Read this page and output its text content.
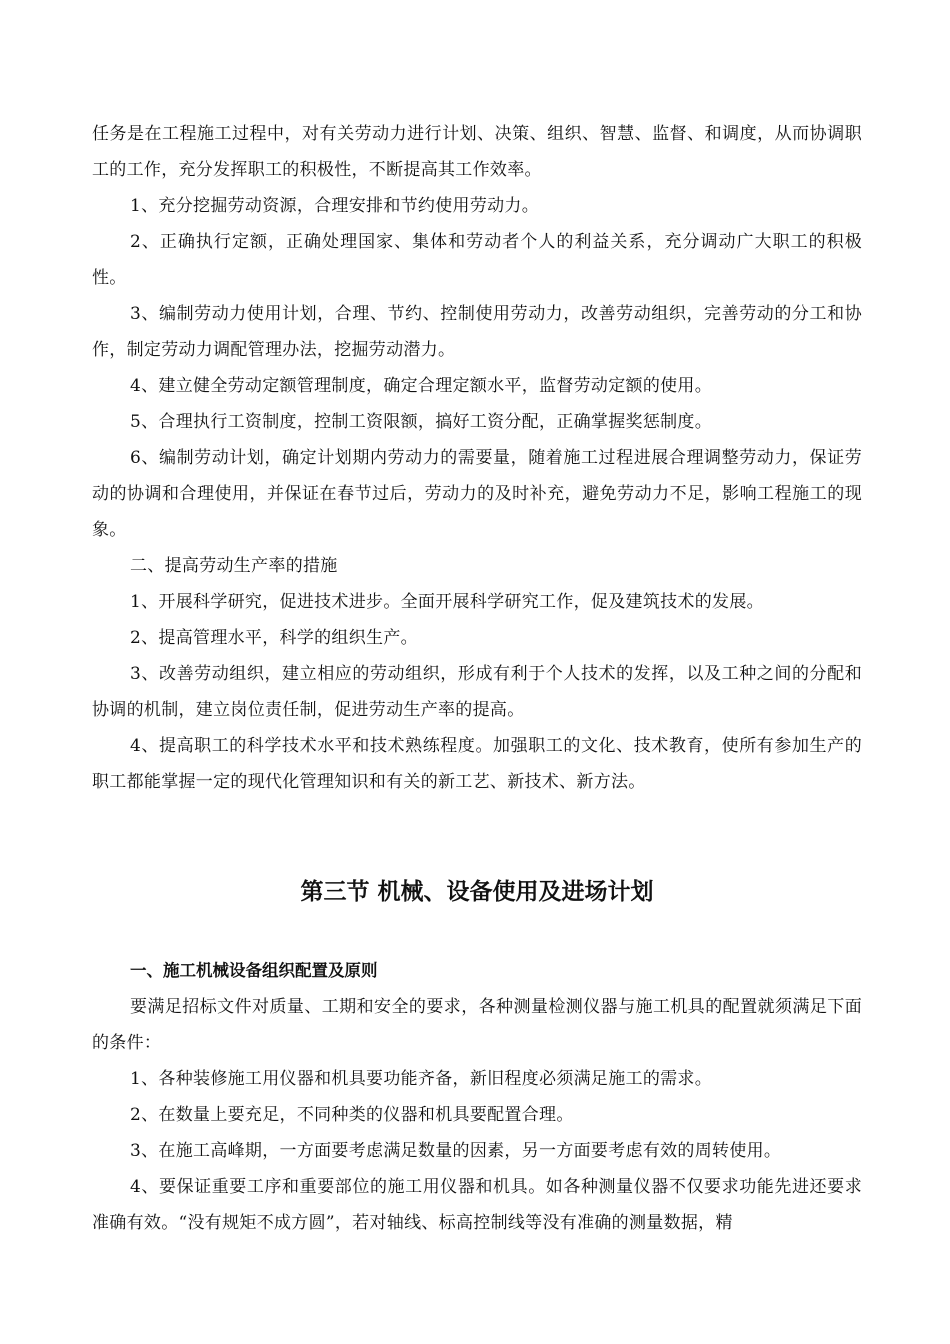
任务是在工程施工过程中，对有关劳动力进行计划、决策、组织、智慧、监督、和调度，从而协调职工的工作，充分发挥职工的积极性，不断提高其工作效率。

1、充分挖掘劳动资源，合理安排和节约使用劳动力。

2、正确执行定额，正确处理国家、集体和劳动者个人的利益关系，充分调动广大职工的积极性。

3、编制劳动力使用计划，合理、节约、控制使用劳动力，改善劳动组织，完善劳动的分工和协作，制定劳动力调配管理办法，挖掘劳动潜力。

4、建立健全劳动定额管理制度，确定合理定额水平，监督劳动定额的使用。

5、合理执行工资制度，控制工资限额，搞好工资分配，正确掌握奖惩制度。

6、编制劳动计划，确定计划期内劳动力的需要量，随着施工过程进展合理调整劳动力，保证劳动的协调和合理使用，并保证在春节过后，劳动力的及时补充，避免劳动力不足，影响工程施工的现象。

二、提高劳动生产率的措施

1、开展科学研究，促进技术进步。全面开展科学研究工作，促及建筑技术的发展。

2、提高管理水平，科学的组织生产。

3、改善劳动组织，建立相应的劳动组织，形成有利于个人技术的发挥，以及工种之间的分配和协调的机制，建立岗位责任制，促进劳动生产率的提高。

4、提高职工的科学技术水平和技术熟练程度。加强职工的文化、技术教育，使所有参加生产的职工都能掌握一定的现代化管理知识和有关的新工艺、新技术、新方法。

第三节 机械、设备使用及进场计划

一、施工机械设备组织配置及原则

要满足招标文件对质量、工期和安全的要求，各种测量检测仪器与施工机具的配置就须满足下面的条件：

1、各种装修施工用仪器和机具要功能齐备，新旧程度必须满足施工的需求。

2、在数量上要充足，不同种类的仪器和机具要配置合理。

3、在施工高峰期，一方面要考虑满足数量的因素，另一方面要考虑有效的周转使用。

4、要保证重要工序和重要部位的施工用仪器和机具。如各种测量仪器不仅要求功能先进还要求准确有效。“没有规矩不成方圆”，若对轴线、标高控制线等没有准确的测量数据，精
